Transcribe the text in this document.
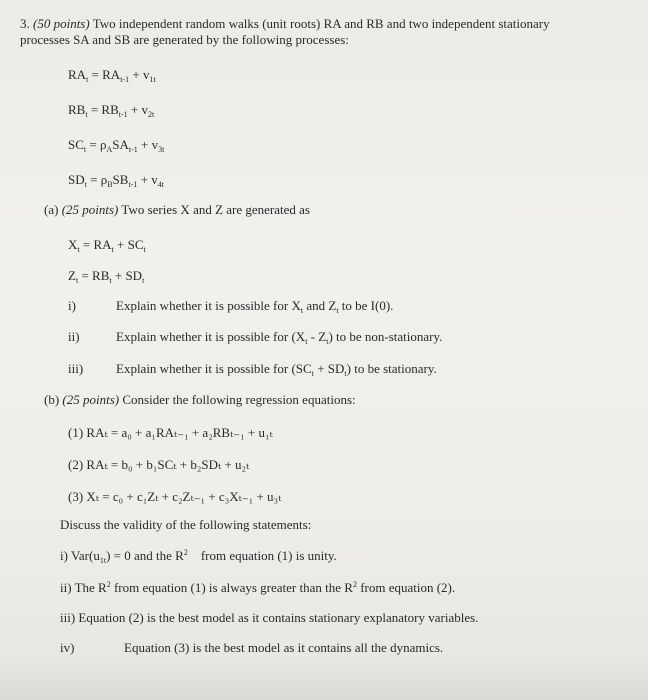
3. (50 points) Two independent random walks (unit roots) RA and RB and two independent stationary
processes SA and SB are generated by the following processes:
$RA_t = RA_{t-1} + v_{1t}$
$RB_t = RB_{t-1} + v_{2t}$
$SC_t = \rho_ASA_{t-1} + v_{3t}$
$SD_t = \rho_BSB_{t-1} + v_{4t}$
(a) (25 points) Two series X and Z are generated as
$X_t = RA_t + SC_t$
$Z_t = RB_t + SD_t$
i)	Explain whether it is possible for $X_t$ and $Z_t$ to be I(0).
ii)	Explain whether it is possible for $(X_t - Z_t)$ to be non-stationary.
iii)	Explain whether it is possible for $(SC_t + SD_t)$ to be stationary.
(b) (25 points) Consider the following regression equations:
(1) RAₜ = a₀ + a₁RAₜ₋₁ + a₂RBₜ₋₁ + u₁ₜ
(2) RAₜ = b₀ + b₁SCₜ + b₂SDₜ + u₂ₜ
(3) Xₜ = c₀ + c₁Zₜ + c₂Zₜ₋₁ + c₃Xₜ₋₁ + u₃ₜ
Discuss the validity of the following statements:
i) $Var(u_{1t}) = 0$ and the $R^2$ from equation (1) is unity.
ii) The $R^2$ from equation (1) is always greater than the $R^2$ from equation (2).
iii) Equation (2) is the best model as it contains stationary explanatory variables.
iv)	Equation (3) is the best model as it contains all the dynamics.
